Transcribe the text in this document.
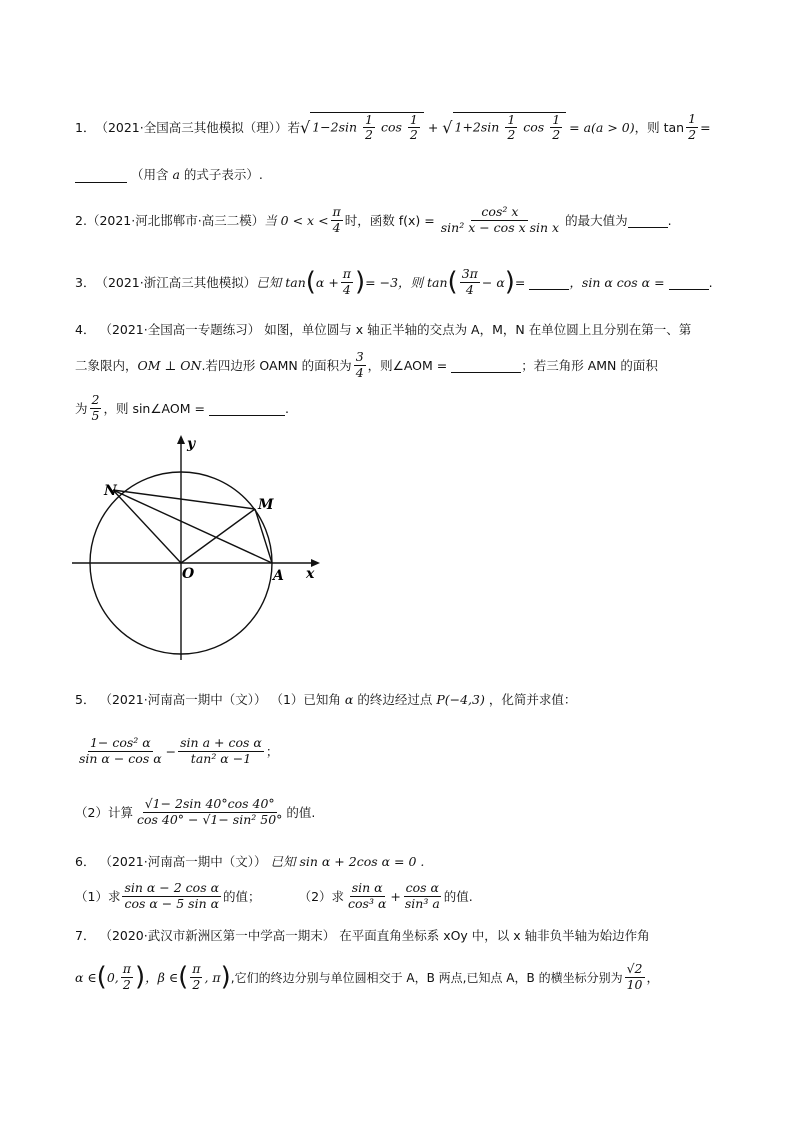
1． （2021·全国高三其他模拟（理）） 若 √ $1-2\sin \frac{1}{2}$ $\cos \frac{1}{2}$ + √ $1+2\sin \frac{1}{2}$ $\cos \frac{1}{2} = a(a > 0)$ ，则 $\tan \frac{1}{2}$ =
（用含 a 的式子表示）.
2. （2021·河北邯郸市·高三二模） 当 $0 < x < \frac{\pi}{4}$ 时，函数 $f(x) = \frac{\text{cos² x}}{\text{sin² x − cos x sin x}}$ 的最大值为	.
3． （2021·浙江高三其他模拟） 已知 tan ( $\alpha + \frac{\pi}{4}$ ) = −3，则 tan ( $\frac{3\pi}{4} - \alpha$ ) =	，sin α cos α =	.
4． （2021·全国高一专题练习） 如图，单位圆与 x 轴正半轴的交点为 A，M，N 在单位圆上且分别在第一、第
二象限内， OM ⊥ ON .若四边形 OAMN 的面积为 $\frac{3}{4}$ ，则∠AOM =	；若三角形 AMN 的面积
为 $\frac{2}{5}$ ，则 sin∠AOM =	.
y
x
O	A
M
N
5． （2021·河南高一期中（文）） （1）已知角 α 的终边经过点 P(−4,3) ，化简并求值：
$\frac{\text{1− cos² α}}{\text{sin α − cos α}} - \frac{\text{sin a + cos α}}{\text{tan² α −1}}$ ；
（2）计算 $\frac{√1- 2\sin 40^\circ\cos 40^\circ}{\text{cos 40° − √1− sin² 50°}}$ 的值.
6． （2021·河南高一期中（文）） 已知 sin α + 2cos α = 0 .
（1）求 $\frac{\text{sin α − 2 cos α}}{\text{cos α − 5 sin α}}$ 的值；	（2）求 $\frac{\text{sin α}}{\text{cos³ α}} + \frac{\text{cos α}}{\text{sin³ a}}$ 的值.
7． （2020·武汉市新洲区第一中学高一期末） 在平面直角坐标系 xOy 中，以 x 轴非负半轴为始边作角
α ∈ ( 0, $\frac{\pi}{2}$ ) ，β ∈ ( $\frac{\pi}{2}$ , π ) ,它们的终边分别与单位圆相交于 A，B 两点,已知点 A，B 的横坐标分别为 $\frac{√2}{10}$ ，
